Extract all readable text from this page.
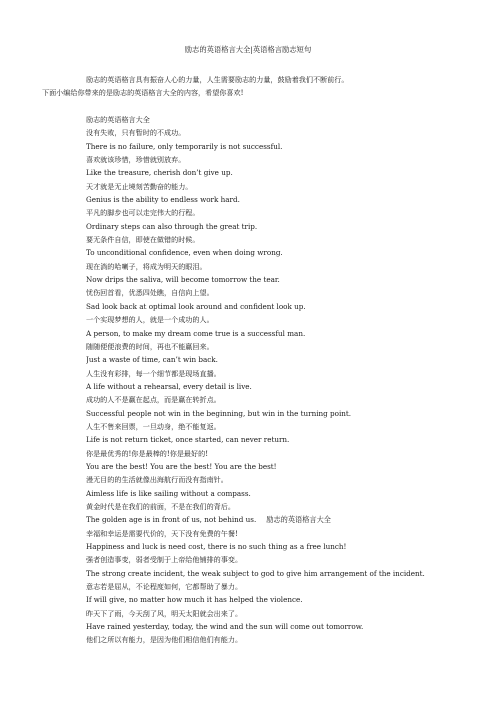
励志的英语格言大全|英语格言励志短句

励志的英语格言具有振奋人心的力量，人生需要励志的力量，鼓励着我们不断前行。

下面小编给你带来的是励志的英语格言大全的内容，希望你喜欢!

励志的英语格言大全
没有失败，只有暂时的不成功。
There is no failure, only temporarily is not successful.
喜欢就该珍惜，珍惜就别放弃。
Like the treasure, cherish don’t give up.
天才就是无止境刻苦勤奋的能力。
Genius is the ability to endless work hard.
平凡的脚步也可以走完伟大的行程。
Ordinary steps can also through the great trip.
要无条件自信，即使在做错的时候。
To unconditional confidence, even when doing wrong.
现在淌的哈喇子，将成为明天的眼泪。
Now drips the saliva, will become tomorrow the tear.
忧伤回首看，优悉四处瞧，自信向上望。
Sad look back at optimal look around and confident look up.
一个实现梦想的人，就是一个成功的人。
A person, to make my dream come true is a successful man.
随随便便浪费的时间，再也不能赢回来。
Just a waste of time, can’t win back.
人生没有彩排，每一个细节都是现场直播。
A life without a rehearsal, every detail is live.
成功的人不是赢在起点，而是赢在转折点。
Successful people not win in the beginning, but win in the turning point.
人生不售来回票，一旦动身，绝不能复返。
Life is not return ticket, once started, can never return.
你是最优秀的!你是最棒的!你是最好的!
You are the best! You are the best! You are the best!
漫无目的的生活就像出海航行而没有指南针。
Aimless life is like sailing without a compass.
黄金时代是在我们的前面，不是在我们的背后。
The golden age is in front of us, not behind us. 励志的英语格言大全
幸福和幸运是需要代价的，天下没有免费的午餐!
Happiness and luck is need cost, there is no such thing as a free lunch!
强者创造事变，弱者受制于上帝给他铺排的事变。
The strong create incident, the weak subject to god to give him arrangement of the incident.
意志若是屈从，不论程度如何，它都帮助了暴力。
If will give, no matter how much it has helped the violence.
昨天下了雨，今天刮了风，明天太阳就会出来了。
Have rained yesterday, today, the wind and the sun will come out tomorrow.
他们之所以有能力，是因为他们相信他们有能力。
